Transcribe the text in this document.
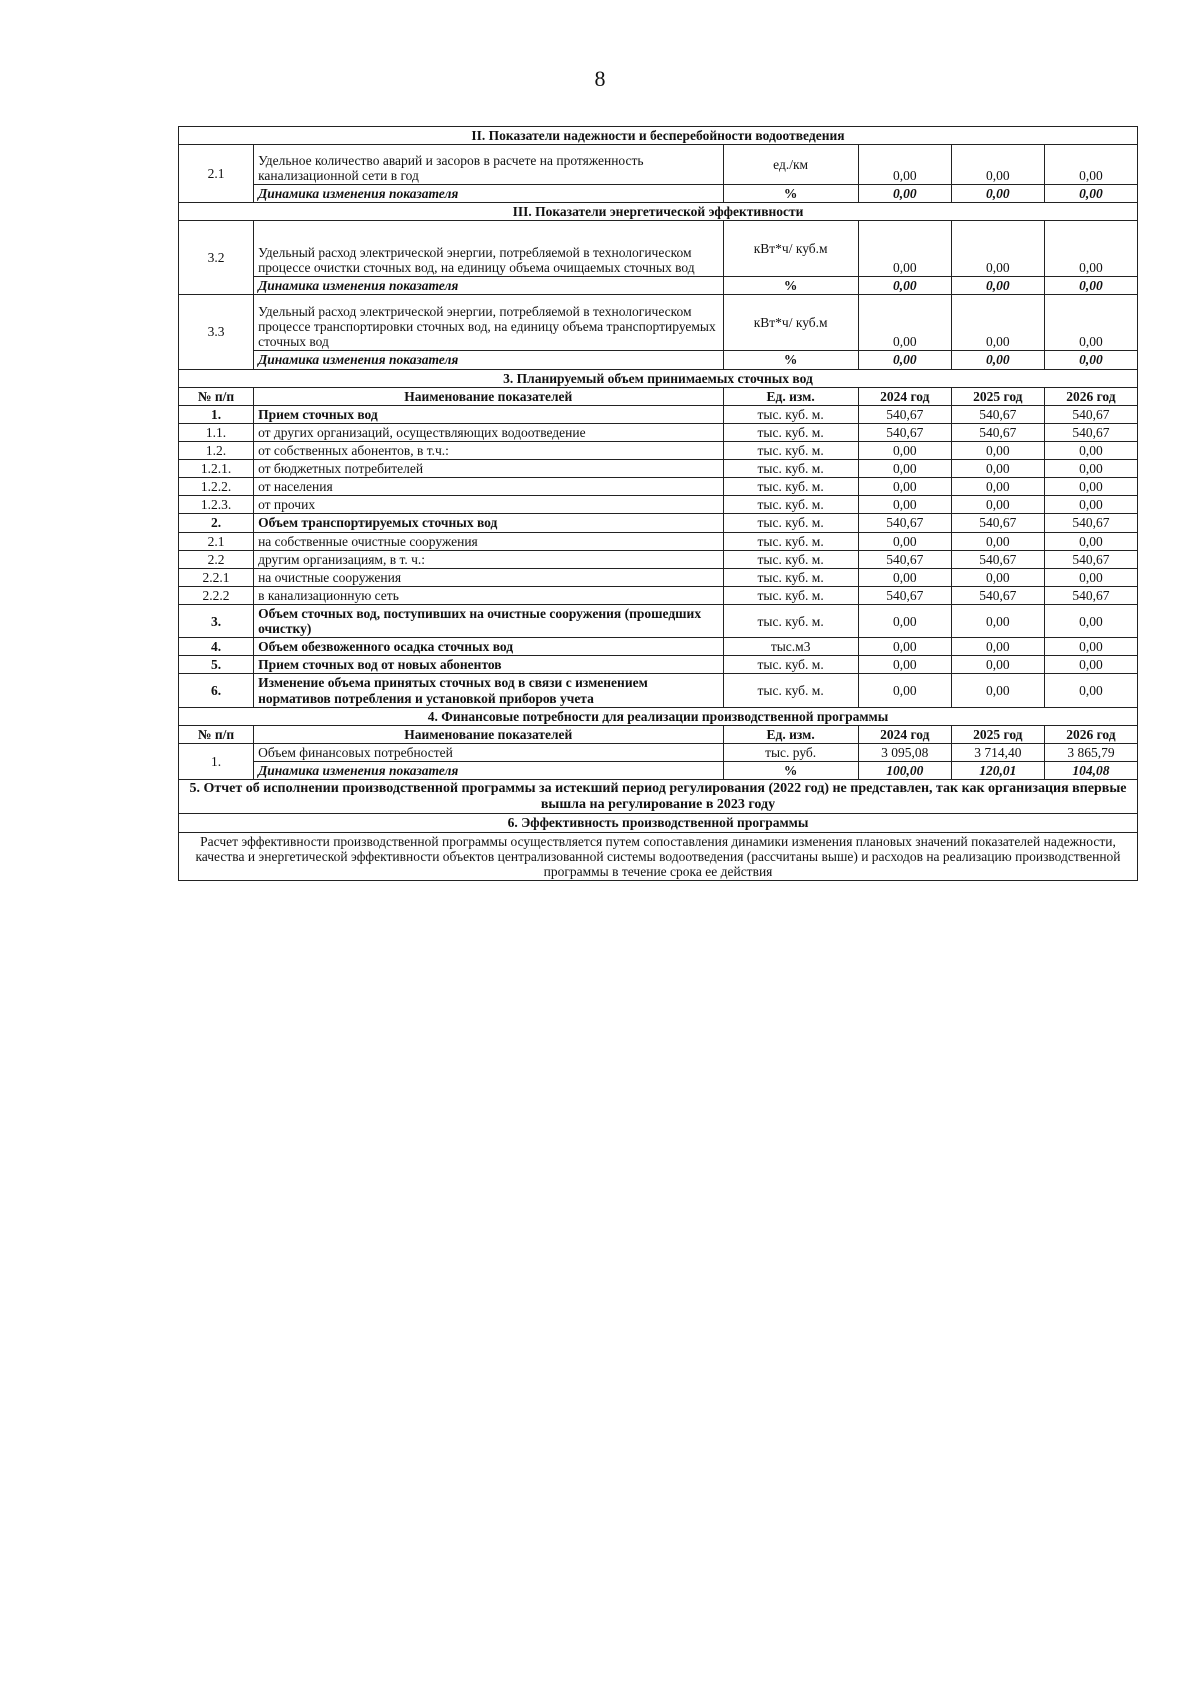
8
II. Показатели надежности и бесперебойности водоотведения					
2.1	Удельное количество аварий и засоров в расчете на протяженность канализационной сети в год	ед./км	0,00	0,00	0,00
	Динамика изменения показателя	%	0,00	0,00	0,00
III. Показатели энергетической эффективности					
3.2	Удельный расход электрической энергии, потребляемой в технологическом процессе очистки сточных вод, на единицу объема очищаемых сточных вод	кВт*ч/ куб.м	0,00	0,00	0,00
	Динамика изменения показателя	%	0,00	0,00	0,00
3.3	Удельный расход электрической энергии, потребляемой в технологическом процессе транспортировки сточных вод, на единицу объема транспортируемых сточных вод	кВт*ч/ куб.м	0,00	0,00	0,00
	Динамика изменения показателя	%	0,00	0,00	0,00
3. Планируемый объем принимаемых сточных вод					
№ п/п	Наименование показателей	Ед. изм.	2024 год	2025 год	2026 год
1.	Прием сточных вод	тыс. куб. м.	540,67	540,67	540,67
1.1.	от других организаций, осуществляющих водоотведение	тыс. куб. м.	540,67	540,67	540,67
1.2.	от собственных абонентов, в т.ч.:	тыс. куб. м.	0,00	0,00	0,00
1.2.1.	от бюджетных потребителей	тыс. куб. м.	0,00	0,00	0,00
1.2.2.	от населения	тыс. куб. м.	0,00	0,00	0,00
1.2.3.	от прочих	тыс. куб. м.	0,00	0,00	0,00
2.	Объем транспортируемых сточных вод	тыс. куб. м.	540,67	540,67	540,67
2.1	на собственные очистные сооружения	тыс. куб. м.	0,00	0,00	0,00
2.2	другим организациям, в т. ч.:	тыс. куб. м.	540,67	540,67	540,67
2.2.1	на очистные сооружения	тыс. куб. м.	0,00	0,00	0,00
2.2.2	в канализационную сеть	тыс. куб. м.	540,67	540,67	540,67
3.	Объем сточных вод, поступивших на очистные сооружения (прошедших очистку)	тыс. куб. м.	0,00	0,00	0,00
4.	Объем обезвоженного осадка сточных вод	тыс.м3	0,00	0,00	0,00
5.	Прием сточных вод от новых абонентов	тыс. куб. м.	0,00	0,00	0,00
6.	Изменение объема принятых сточных вод в связи с изменением нормативов потребления и установкой приборов учета	тыс. куб. м.	0,00	0,00	0,00
4. Финансовые потребности для реализации производственной программы					
№ п/п	Наименование показателей	Ед. изм.	2024 год	2025 год	2026 год
1.	Объем финансовых потребностей	тыс. руб.	3 095,08	3 714,40	3 865,79
	Динамика изменения показателя	%	100,00	120,01	104,08
5. Отчет об исполнении производственной программы за истекший период регулирования (2022 год) не представлен, так как организация впервые вышла на регулирование в 2023 году					
6. Эффективность производственной программы					
Расчет эффективности производственной программы осуществляется путем сопоставления динамики изменения плановых значений показателей надежности, качества и энергетической эффективности объектов централизованной системы водоотведения (рассчитаны выше) и расходов на реализацию производственной программы в течение срока ее действия					
